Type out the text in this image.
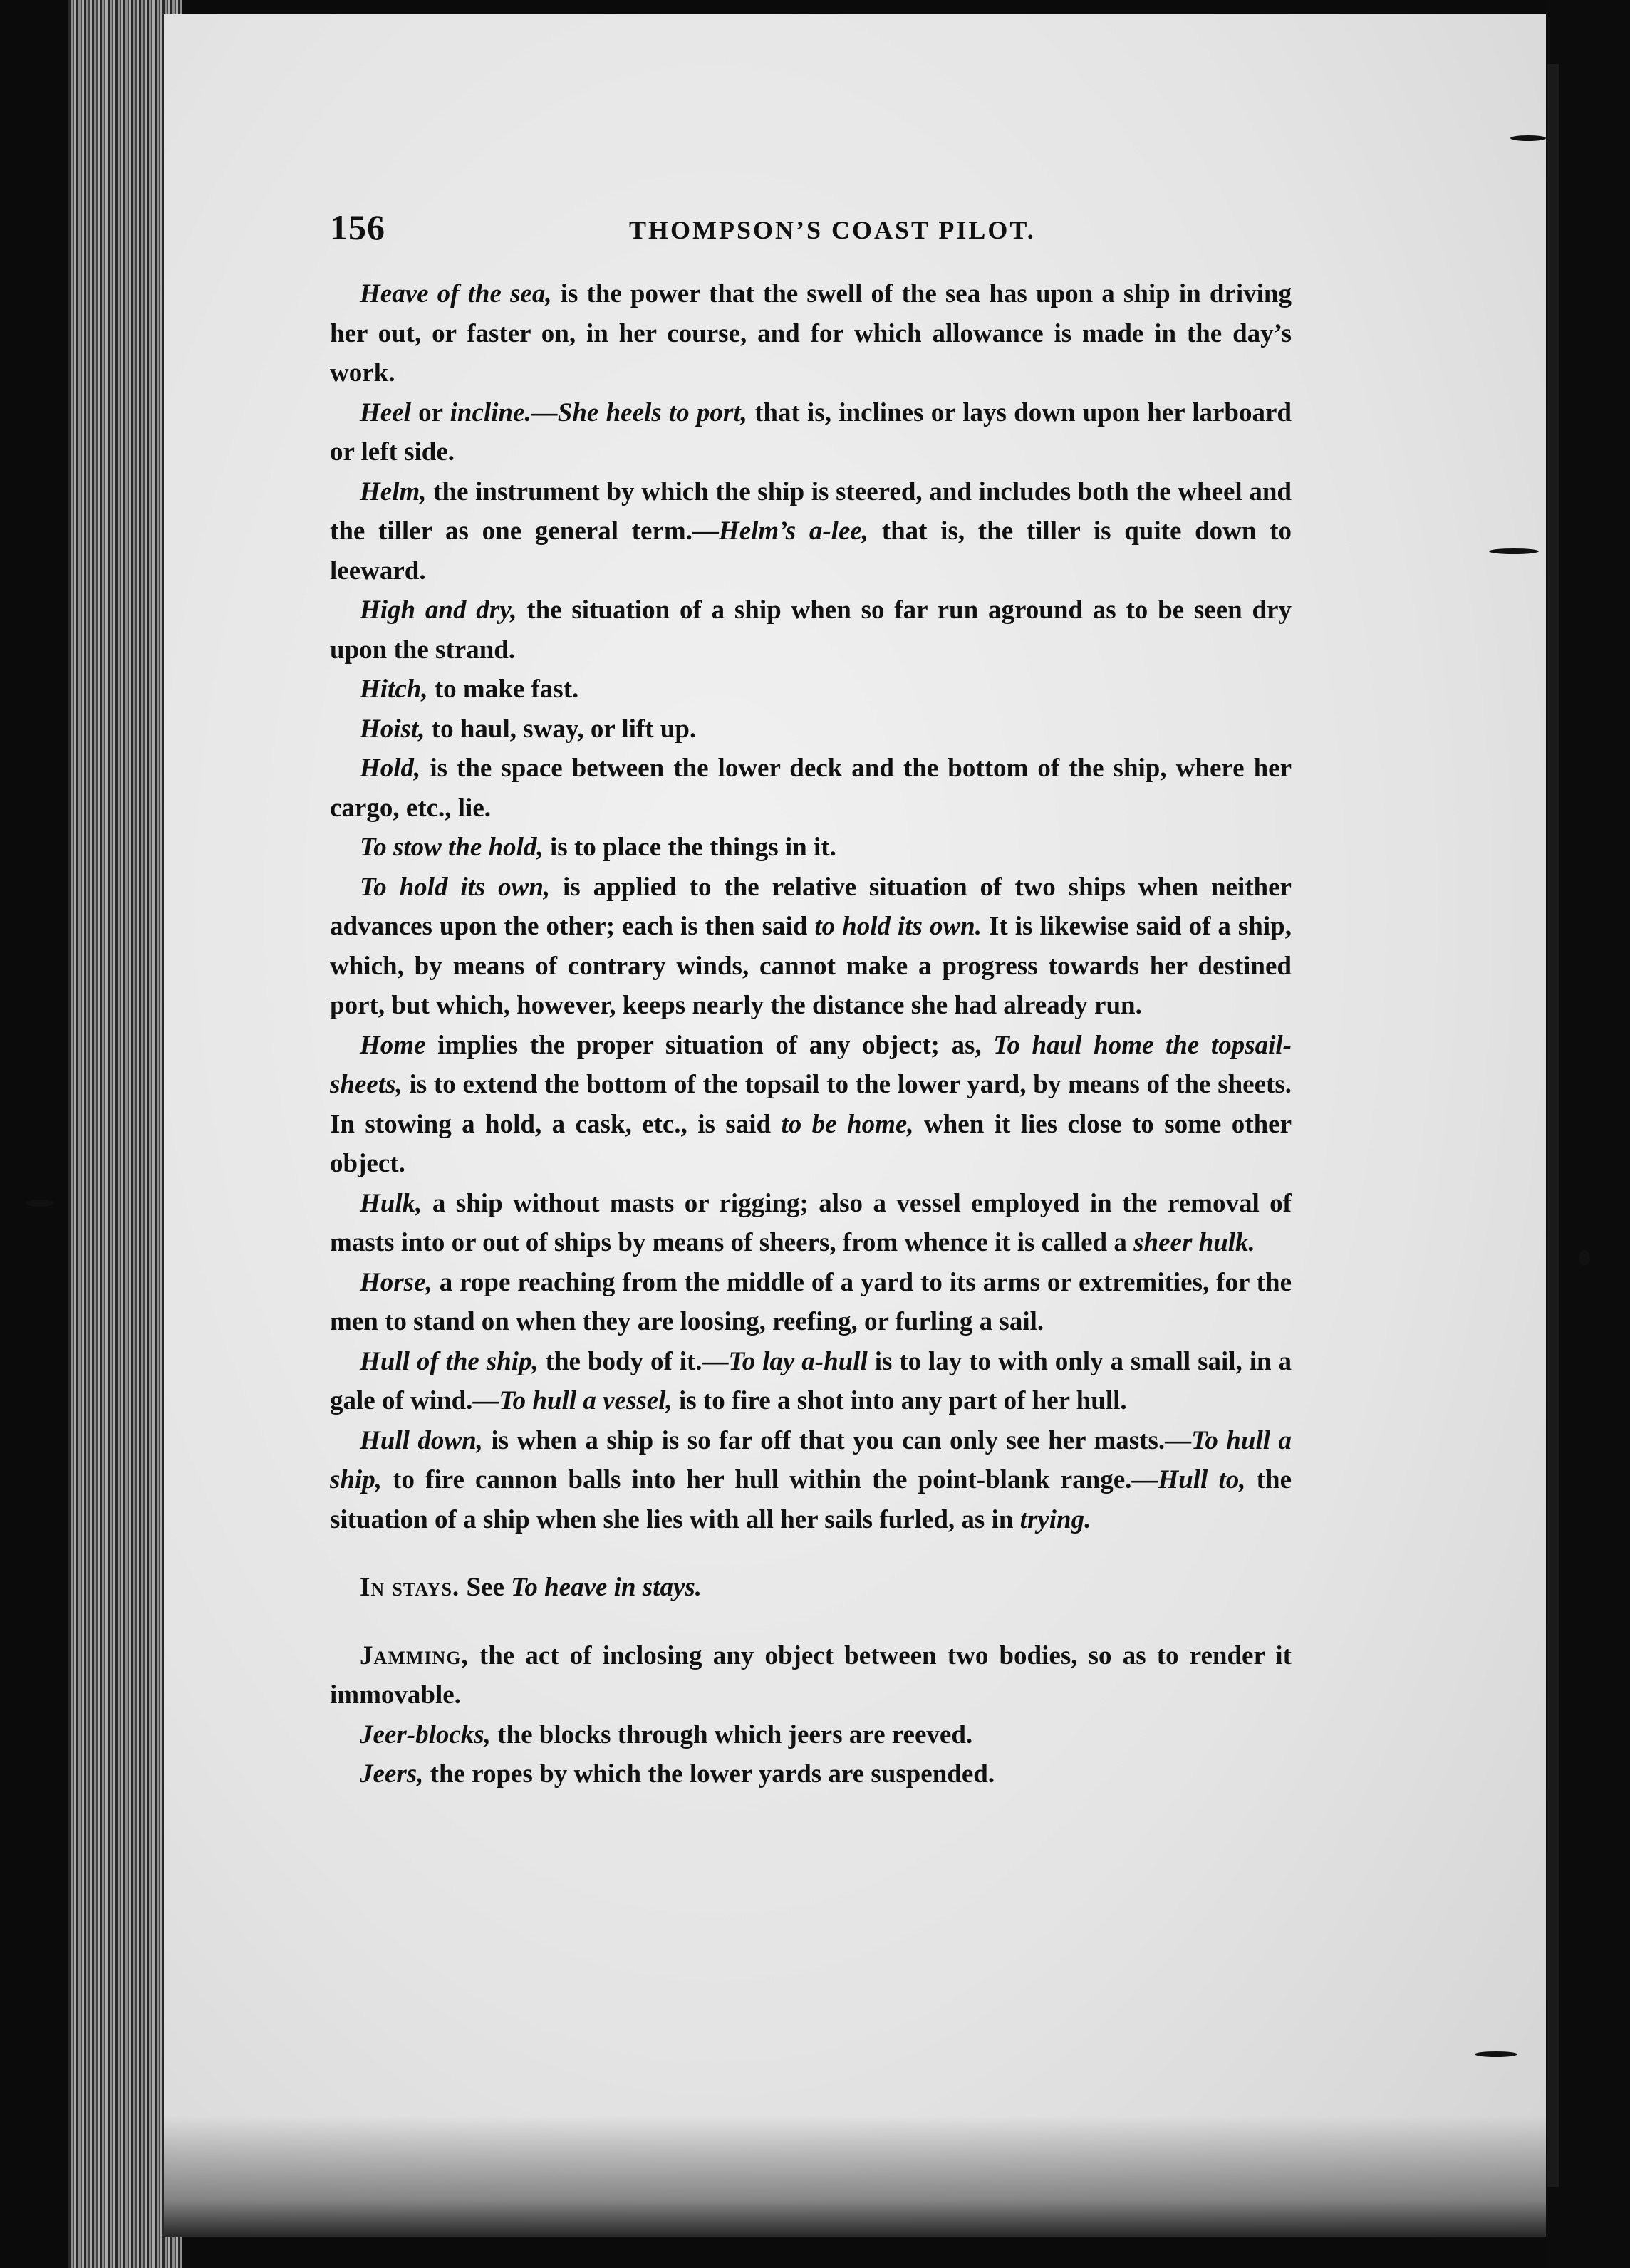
156	THOMPSON’S COAST PILOT.

Heave of the sea, is the power that the swell of the sea has upon a ship in driving her out, or faster on, in her course, and for which allowance is made in the day’s work.

Heel or incline.—She heels to port, that is, inclines or lays down upon her larboard or left side.

Helm, the instrument by which the ship is steered, and includes both the wheel and the tiller as one general term.—Helm’s a-lee, that is, the tiller is quite down to leeward.

High and dry, the situation of a ship when so far run aground as to be seen dry upon the strand.

Hitch, to make fast.

Hoist, to haul, sway, or lift up.

Hold, is the space between the lower deck and the bottom of the ship, where her cargo, etc., lie.

To stow the hold, is to place the things in it.

To hold its own, is applied to the relative situation of two ships when neither advances upon the other; each is then said to hold its own. It is likewise said of a ship, which, by means of contrary winds, cannot make a progress towards her destined port, but which, however, keeps nearly the distance she had already run.

Home implies the proper situation of any object; as, To haul home the topsail-sheets, is to extend the bottom of the topsail to the lower yard, by means of the sheets. In stowing a hold, a cask, etc., is said to be home, when it lies close to some other object.

Hulk, a ship without masts or rigging; also a vessel employed in the removal of masts into or out of ships by means of sheers, from whence it is called a sheer hulk.

Horse, a rope reaching from the middle of a yard to its arms or extremities, for the men to stand on when they are loosing, reefing, or furling a sail.

Hull of the ship, the body of it.—To lay a-hull is to lay to with only a small sail, in a gale of wind.—To hull a vessel, is to fire a shot into any part of her hull.

Hull down, is when a ship is so far off that you can only see her masts.—To hull a ship, to fire cannon balls into her hull within the point-blank range.—Hull to, the situation of a ship when she lies with all her sails furled, as in trying.

In stays. See To heave in stays.

Jamming, the act of inclosing any object between two bodies, so as to render it immovable.

Jeer-blocks, the blocks through which jeers are reeved.

Jeers, the ropes by which the lower yards are suspended.
